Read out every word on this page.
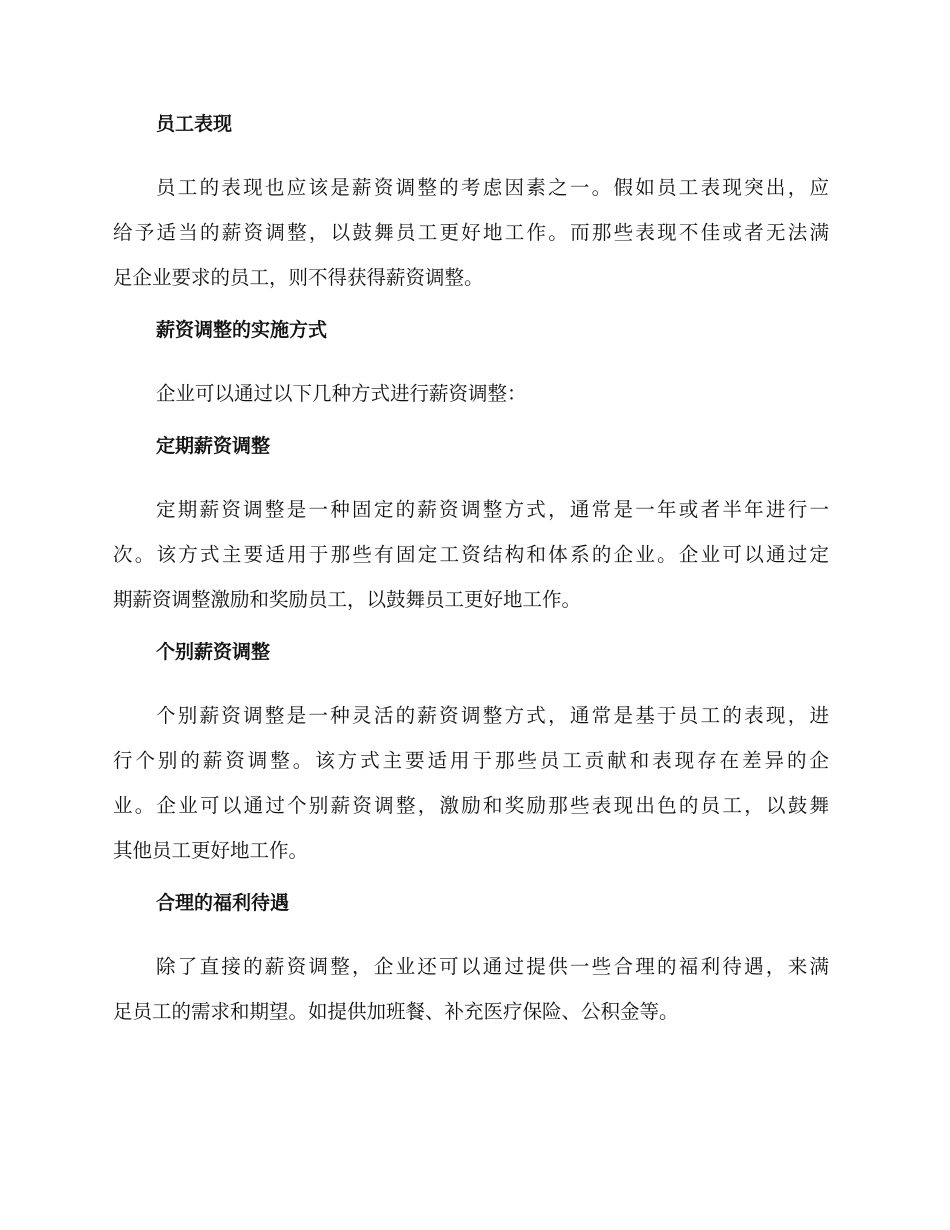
员工表现
员工的表现也应该是薪资调整的考虑因素之一。假如员工表现突出，应
给予适当的薪资调整，以鼓舞员工更好地工作。而那些表现不佳或者无法满
足企业要求的员工，则不得获得薪资调整。
薪资调整的实施方式
企业可以通过以下几种方式进行薪资调整：
定期薪资调整
定期薪资调整是一种固定的薪资调整方式，通常是一年或者半年进行一
次。该方式主要适用于那些有固定工资结构和体系的企业。企业可以通过定
期薪资调整激励和奖励员工，以鼓舞员工更好地工作。
个别薪资调整
个别薪资调整是一种灵活的薪资调整方式，通常是基于员工的表现，进
行个别的薪资调整。该方式主要适用于那些员工贡献和表现存在差异的企
业。企业可以通过个别薪资调整，激励和奖励那些表现出色的员工，以鼓舞
其他员工更好地工作。
合理的福利待遇
除了直接的薪资调整，企业还可以通过提供一些合理的福利待遇，来满
足员工的需求和期望。如提供加班餐、补充医疗保险、公积金等。
